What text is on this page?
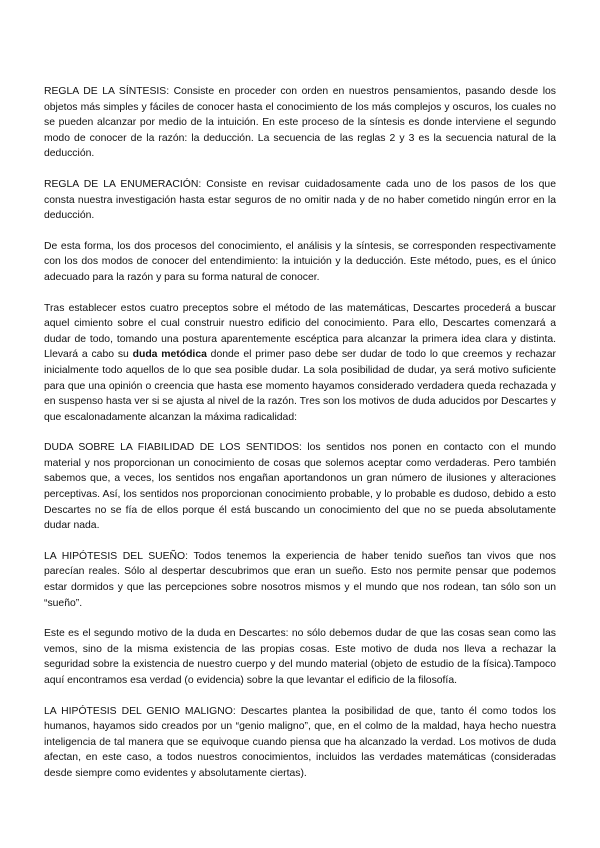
REGLA DE LA SÍNTESIS: Consiste en proceder con orden en nuestros pensamientos, pasando desde los objetos más simples y fáciles de conocer hasta el conocimiento de los más complejos y oscuros, los cuales no se pueden alcanzar por medio de la intuición. En este proceso de la síntesis es donde interviene el segundo modo de conocer de la razón: la deducción. La secuencia de las reglas 2 y 3 es la secuencia natural de la deducción.

REGLA DE LA ENUMERACIÓN: Consiste en revisar cuidadosamente cada uno de los pasos de los que consta nuestra investigación hasta estar seguros de no omitir nada y de no haber cometido ningún error en la deducción.

De esta forma, los dos procesos del conocimiento, el análisis y la síntesis, se corresponden respectivamente con los dos modos de conocer del entendimiento: la intuición y la deducción. Este método, pues, es el único adecuado para la razón y para su forma natural de conocer.

Tras establecer estos cuatro preceptos sobre el método de las matemáticas, Descartes procederá a buscar aquel cimiento sobre el cual construir nuestro edificio del conocimiento. Para ello, Descartes comenzará a dudar de todo, tomando una postura aparentemente escéptica para alcanzar la primera idea clara y distinta. Llevará a cabo su duda metódica donde el primer paso debe ser dudar de todo lo que creemos y rechazar inicialmente todo aquellos de lo que sea posible dudar. La sola posibilidad de dudar, ya será motivo suficiente para que una opinión o creencia que hasta ese momento hayamos considerado verdadera queda rechazada y en suspenso hasta ver si se ajusta al nivel de la razón. Tres son los motivos de duda aducidos por Descartes y que escalonadamente alcanzan la máxima radicalidad:

DUDA SOBRE LA FIABILIDAD DE LOS SENTIDOS: los sentidos nos ponen en contacto con el mundo material y nos proporcionan un conocimiento de cosas que solemos aceptar como verdaderas. Pero también sabemos que, a veces, los sentidos nos engañan aportandonos un gran número de ilusiones y alteraciones perceptivas. Así, los sentidos nos proporcionan conocimiento probable, y lo probable es dudoso, debido a esto Descartes no se fía de ellos porque él está buscando un conocimiento del que no se pueda absolutamente dudar nada.

LA HIPÓTESIS DEL SUEÑO: Todos tenemos la experiencia de haber tenido sueños tan vivos que nos parecían reales. Sólo al despertar descubrimos que eran un sueño. Esto nos permite pensar que podemos estar dormidos y que las percepciones sobre nosotros mismos y el mundo que nos rodean, tan sólo son un “sueño”.

Este es el segundo motivo de la duda en Descartes: no sólo debemos dudar de que las cosas sean como las vemos, sino de la misma existencia de las propias cosas. Este motivo de duda nos lleva a rechazar la seguridad sobre la existencia de nuestro cuerpo y del mundo material (objeto de estudio de la física).Tampoco aquí encontramos esa verdad (o evidencia) sobre la que levantar el edificio de la filosofía.

LA HIPÓTESIS DEL GENIO MALIGNO: Descartes plantea la posibilidad de que, tanto él como todos los humanos, hayamos sido creados por un “genio maligno”, que, en el colmo de la maldad, haya hecho nuestra inteligencia de tal manera que se equivoque cuando piensa que ha alcanzado la verdad. Los motivos de duda afectan, en este caso, a todos nuestros conocimientos, incluidos las verdades matemáticas (consideradas desde siempre como evidentes y absolutamente ciertas).
